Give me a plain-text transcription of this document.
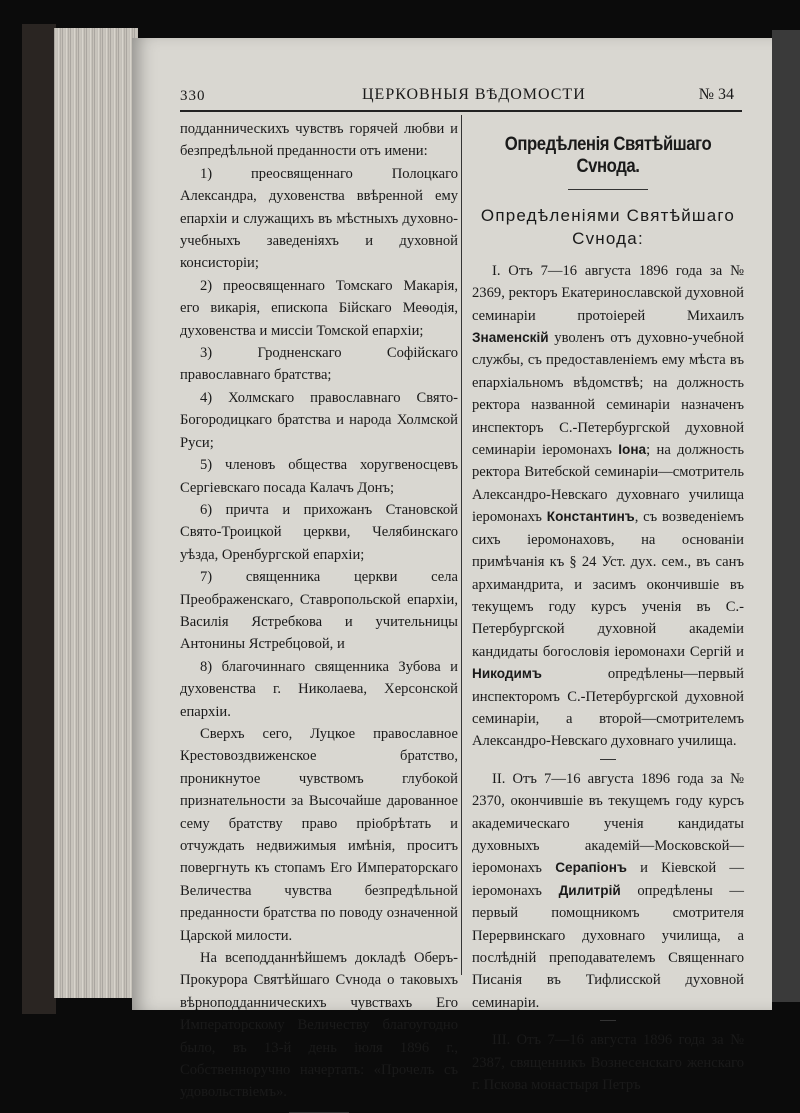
330	ЦЕРКОВНЫЯ ВѢДОМОСТИ	№ 34

подданническихъ чувствъ горячей любви и безпредѣльной преданности отъ имени:

1) преосвященнаго Полоцкаго Александра, духовенства ввѣренной ему епархіи и служащихъ въ мѣстныхъ духовно-учебныхъ заведеніяхъ и духовной консисторіи;

2) преосвященнаго Томскаго Макарія, его викарія, епископа Бійскаго Меѳодія, духовенства и миссіи Томской епархіи;

3) Гродненскаго Софійскаго православнаго братства;

4) Холмскаго православнаго Свято-Богородицкаго братства и народа Холмской Руси;

5) членовъ общества хоругвеносцевъ Сергіевскаго посада Калачъ Донъ;

6) причта и прихожанъ Становской Свято-Троицкой церкви, Челябинскаго уѣзда, Оренбургской епархіи;

7) священника церкви села Преображенскаго, Ставропольской епархіи, Василія Ястребкова и учительницы Антонины Ястребцовой, и

8) благочиннаго священника Зубова и духовенства г. Николаева, Херсонской епархіи.

Сверхъ сего, Луцкое православное Крестовоздвиженское братство, проникнутое чувствомъ глубокой признательности за Высочайше дарованное сему братству право пріобрѣтать и отчуждать недвижимыя имѣнія, проситъ повергнуть къ стопамъ Его Императорскаго Величества чувства безпредѣльной преданности братства по поводу означенной Царской милости.

На всеподданнѣйшемъ докладѣ Оберъ-Прокурора Святѣйшаго Сvнода о таковыхъ вѣрноподданническихъ чувствахъ Его Императорскому Величеству благоугодно было, въ 13-й день іюля 1896 г., Собственноручно начертать: «Прочелъ съ удовольствіемъ».

Опредѣленія Святѣйшаго Сvнода.

Опредѣленіями Святѣйшаго Сvнода:

I. Отъ 7—16 августа 1896 года за № 2369, ректоръ Екатеринославской духовной семинаріи протоіерей Михаилъ Знаменскій уволенъ отъ духовно-учебной службы, съ предоставленіемъ ему мѣста въ епархіальномъ вѣдомствѣ; на должность ректора названной семинаріи назначенъ инспекторъ С.-Петербургской духовной семинаріи іеромонахъ Іона; на должность ректора Витебской семинаріи—смотритель Александро-Невскаго духовнаго училища іеромонахъ Константинъ, съ возведеніемъ сихъ іеромонаховъ, на основаніи примѣчанія къ § 24 Уст. дух. сем., въ санъ архимандрита, и засимъ окончившіе въ текущемъ году курсъ ученія въ С.-Петербургской духовной академіи кандидаты богословія іеромонахи Сергій и Никодимъ	опредѣлены—первый инспекторомъ С.-Петербургской духовной семинаріи, а второй—смотрителемъ Александро-Невскаго духовнаго училища.

II. Отъ 7—16 августа 1896 года за № 2370, окончившіе въ текущемъ году курсъ академическаго ученія кандидаты духовныхъ академій—Московской—іеромонахъ Серапіонъ и Кіевской — іеромонахъ Дилитрій опредѣлены — первый помощникомъ смотрителя Перервинскаго духовнаго училища, а послѣдній преподавателемъ Священнаго Писанія въ Тифлисской духовной семинаріи.

III. Отъ 7—16 августа 1896 года за № 2387, священникъ Вознесенскаго женскаго г. Пскова монастыря Петръ
